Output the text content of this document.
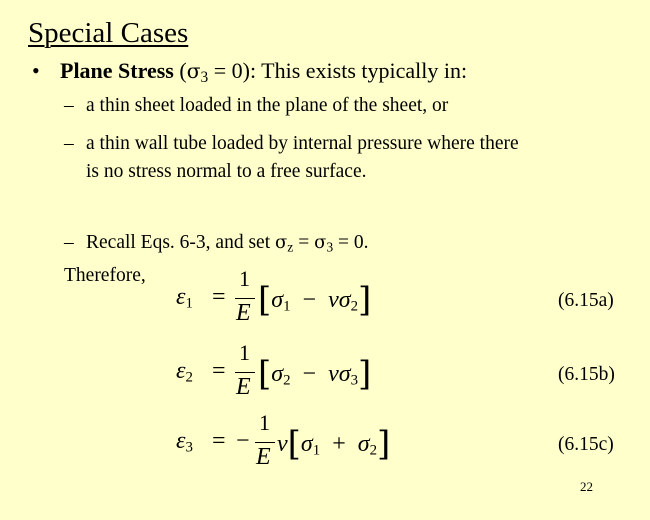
Special Cases
• Plane Stress $(\sigma_3 = 0)$: This exists typically in:
– a thin sheet loaded in the plane of the sheet, or
– a thin wall tube loaded by internal pressure where there
is no stress normal to a free surface.
– Recall Eqs. 6-3, and set $\sigma_z = \sigma_3 = 0$.
Therefore,
$\varepsilon_1$ =
1
E $[\sigma_1 - \nu\sigma_2]$	(6.15a)
$\varepsilon_2$ =
1
E $[\sigma_2 - \nu\sigma_3]$	(6.15b)
$\varepsilon_3$ = −
1
E $\nu[\sigma_1 + \sigma_2]$	(6.15c)
22
